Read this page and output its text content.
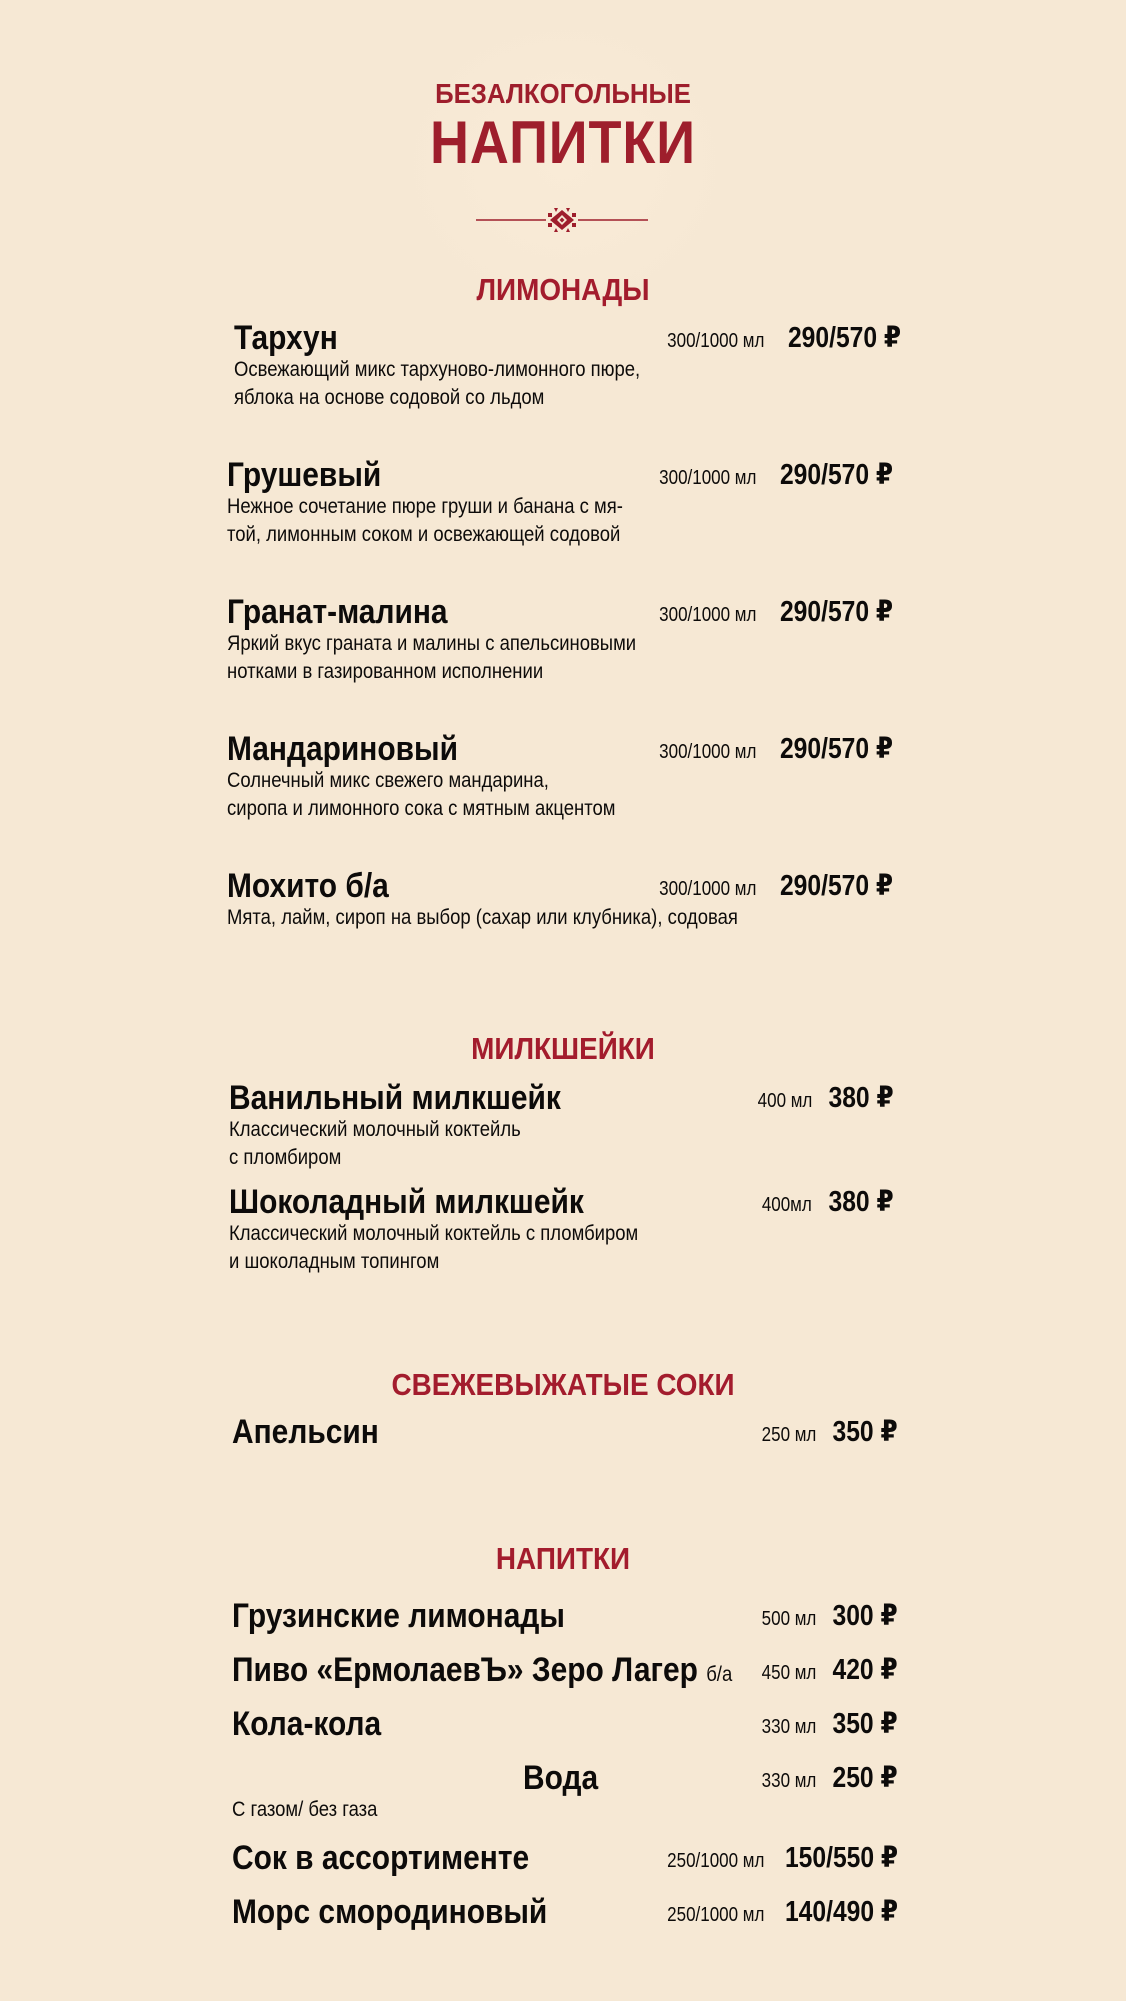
БЕЗАЛКОГОЛЬНЫЕ
НАПИТКИ
ЛИМОНАДЫ
Тархун	300/1000 мл 290/570 ₽
Освежающий микс тархуново-лимонного пюре,
яблока на основе содовой со льдом
Грушевый	300/1000 мл 290/570 ₽
Нежное сочетание пюре груши и банана с мя-
той, лимонным соком и освежающей содовой
Гранат-малина	300/1000 мл 290/570 ₽
Яркий вкус граната и малины с апельсиновыми
нотками в газированном исполнении
Мандариновый	300/1000 мл 290/570 ₽
Солнечный микс свежего мандарина,
сиропа и лимонного сока с мятным акцентом
Мохито б/а	300/1000 мл 290/570 ₽
Мята, лайм, сироп на выбор (сахар или клубника), содовая
МИЛКШЕЙКИ
Ванильный милкшейк	400 мл 380 ₽
Классический молочный коктейль
с пломбиром
Шоколадный милкшейк	400мл 380 ₽
Классический молочный коктейль с пломбиром
и шоколадным топингом
СВЕЖЕВЫЖАТЫЕ СОКИ
Апельсин	250 мл 350 ₽
НАПИТКИ
Грузинские лимонады	500 мл 300 ₽
Пиво «ЕрмолаевЪ» Зеро Лагер б/а 450 мл 420 ₽
Кола-кола	330 мл 350 ₽
Вода	330 мл 250 ₽
С газом/ без газа
Сок в ассортименте	250/1000 мл 150/550 ₽
Морс смородиновый	250/1000 мл 140/490 ₽
